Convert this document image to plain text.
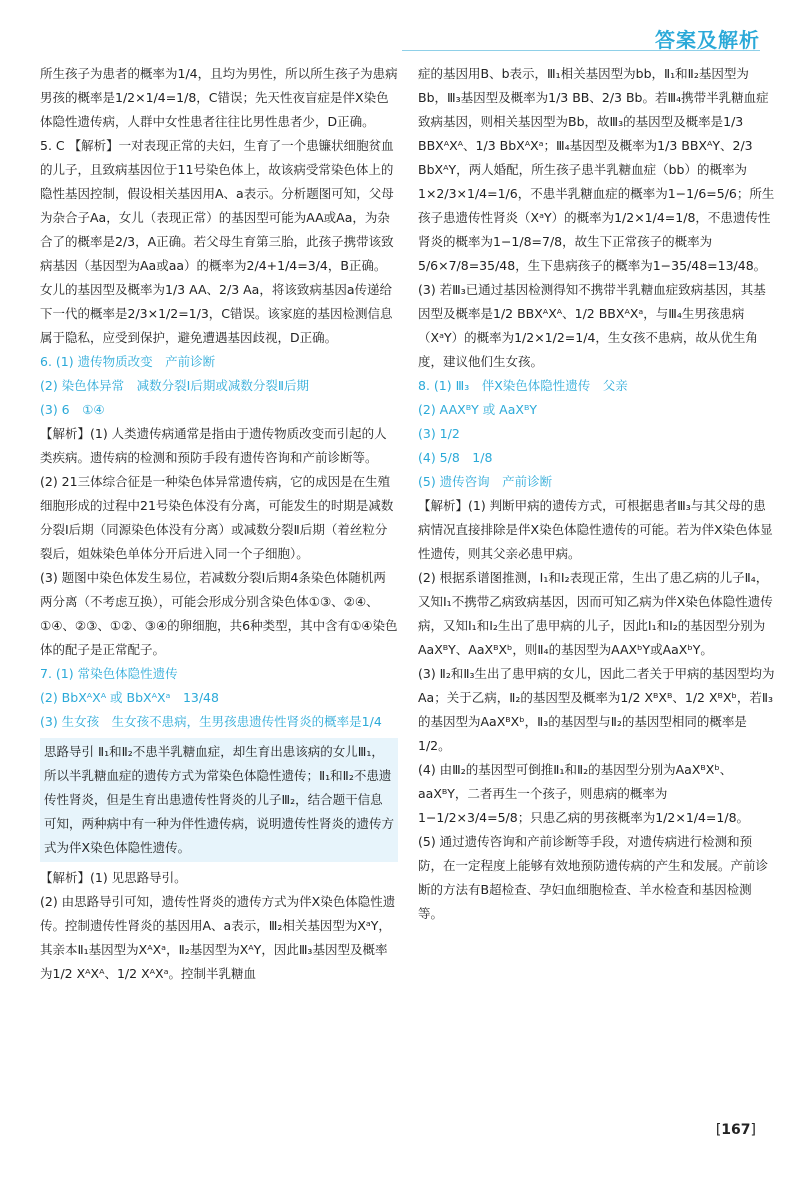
答案及解析

所生孩子为患者的概率为1/4，且均为男性，所以所生孩子为患病男孩的概率是1/2×1/4=1/8，C错误；先天性夜盲症是伴X染色体隐性遗传病，人群中女性患者往往比男性患者少，D正确。

5. C 【解析】一对表现正常的夫妇，生育了一个患镰状细胞贫血的儿子，且致病基因位于11号染色体上，故该病受常染色体上的隐性基因控制，假设相关基因用A、a表示。分析题图可知，父母为杂合子Aa，女儿（表现正常）的基因型可能为AA或Aa，为杂合了的概率是2/3，A正确。若父母生育第三胎，此孩子携带该致病基因（基因型为Aa或aa）的概率为2/4+1/4=3/4，B正确。女儿的基因型及概率为1/3 AA、2/3 Aa，将该致病基因a传递给下一代的概率是2/3×1/2=1/3，C错误。该家庭的基因检测信息属于隐私，应受到保护，避免遭遇基因歧视，D正确。

6. (1) 遗传物质改变　产前诊断

(2) 染色体异常　减数分裂Ⅰ后期或减数分裂Ⅱ后期

(3) 6　①④

【解析】(1) 人类遗传病通常是指由于遗传物质改变而引起的人类疾病。遗传病的检测和预防手段有遗传咨询和产前诊断等。

(2) 21三体综合征是一种染色体异常遗传病，它的成因是在生殖细胞形成的过程中21号染色体没有分离，可能发生的时期是减数分裂Ⅰ后期（同源染色体没有分离）或减数分裂Ⅱ后期（着丝粒分裂后，姐妹染色单体分开后进入同一个子细胞）。

(3) 题图中染色体发生易位，若减数分裂Ⅰ后期4条染色体随机两两分离（不考虑互换），可能会形成分别含染色体①③、②④、①④、②③、①②、③④的卵细胞，共6种类型，其中含有①④染色体的配子是正常配子。

7. (1) 常染色体隐性遗传

(2) BbXᴬXᴬ 或 BbXᴬXᵃ　13/48

(3) 生女孩　生女孩不患病，生男孩患遗传性肾炎的概率是1/4

思路导引 Ⅱ₁和Ⅱ₂不患半乳糖血症，却生育出患该病的女儿Ⅲ₁，所以半乳糖血症的遗传方式为常染色体隐性遗传；Ⅱ₁和Ⅱ₂不患遗传性肾炎，但是生育出患遗传性肾炎的儿子Ⅲ₂，结合题干信息可知，两种病中有一种为伴性遗传病，说明遗传性肾炎的遗传方式为伴X染色体隐性遗传。

【解析】(1) 见思路导引。

(2) 由思路导引可知，遗传性肾炎的遗传方式为伴X染色体隐性遗传。控制遗传性肾炎的基因用A、a表示，Ⅲ₂相关基因型为XᵃY，其亲本Ⅱ₁基因型为XᴬXᵃ，Ⅱ₂基因型为XᴬY，因此Ⅲ₃基因型及概率为1/2 XᴬXᴬ、1/2 XᴬXᵃ。控制半乳糖血

症的基因用B、b表示，Ⅲ₁相关基因型为bb，Ⅱ₁和Ⅱ₂基因型为Bb，Ⅲ₃基因型及概率为1/3 BB、2/3 Bb。若Ⅲ₄携带半乳糖血症致病基因，则相关基因型为Bb，故Ⅲ₃的基因型及概率是1/3 BBXᴬXᴬ、1/3 BbXᴬXᵃ；Ⅲ₄基因型及概率为1/3 BBXᴬY、2/3 BbXᴬY，两人婚配，所生孩子患半乳糖血症（bb）的概率为1×2/3×1/4=1/6，不患半乳糖血症的概率为1−1/6=5/6；所生孩子患遗传性肾炎（XᵃY）的概率为1/2×1/4=1/8，不患遗传性肾炎的概率为1−1/8=7/8，故生下正常孩子的概率为5/6×7/8=35/48，生下患病孩子的概率为1−35/48=13/48。

(3) 若Ⅲ₃已通过基因检测得知不携带半乳糖血症致病基因，其基因型及概率是1/2 BBXᴬXᴬ、1/2 BBXᴬXᵃ，与Ⅲ₄生男孩患病（XᵃY）的概率为1/2×1/2=1/4，生女孩不患病，故从优生角度，建议他们生女孩。

8. (1) Ⅲ₃　伴X染色体隐性遗传　父亲

(2) AAXᴮY 或 AaXᴮY

(3) 1/2

(4) 5/8　1/8

(5) 遗传咨询　产前诊断

【解析】(1) 判断甲病的遗传方式，可根据患者Ⅲ₃与其父母的患病情况直接排除是伴X染色体隐性遗传的可能。若为伴X染色体显性遗传，则其父亲必患甲病。

(2) 根据系谱图推测，Ⅰ₁和Ⅰ₂表现正常，生出了患乙病的儿子Ⅱ₄，又知Ⅰ₁不携带乙病致病基因，因而可知乙病为伴X染色体隐性遗传病，又知Ⅰ₁和Ⅰ₂生出了患甲病的儿子，因此Ⅰ₁和Ⅰ₂的基因型分别为AaXᴮY、AaXᴮXᵇ，则Ⅱ₄的基因型为AAXᵇY或AaXᵇY。

(3) Ⅱ₂和Ⅱ₃生出了患甲病的女儿，因此二者关于甲病的基因型均为Aa；关于乙病，Ⅱ₂的基因型及概率为1/2 XᴮXᴮ、1/2 XᴮXᵇ，若Ⅱ₃的基因型为AaXᴮXᵇ，Ⅱ₃的基因型与Ⅱ₂的基因型相同的概率是1/2。

(4) 由Ⅲ₂的基因型可倒推Ⅱ₁和Ⅱ₂的基因型分别为AaXᴮXᵇ、aaXᴮY，二者再生一个孩子，则患病的概率为1−1/2×3/4=5/8；只患乙病的男孩概率为1/2×1/4=1/8。

(5) 通过遗传咨询和产前诊断等手段，对遗传病进行检测和预防，在一定程度上能够有效地预防遗传病的产生和发展。产前诊断的方法有B超检查、孕妇血细胞检查、羊水检查和基因检测等。

[167]
